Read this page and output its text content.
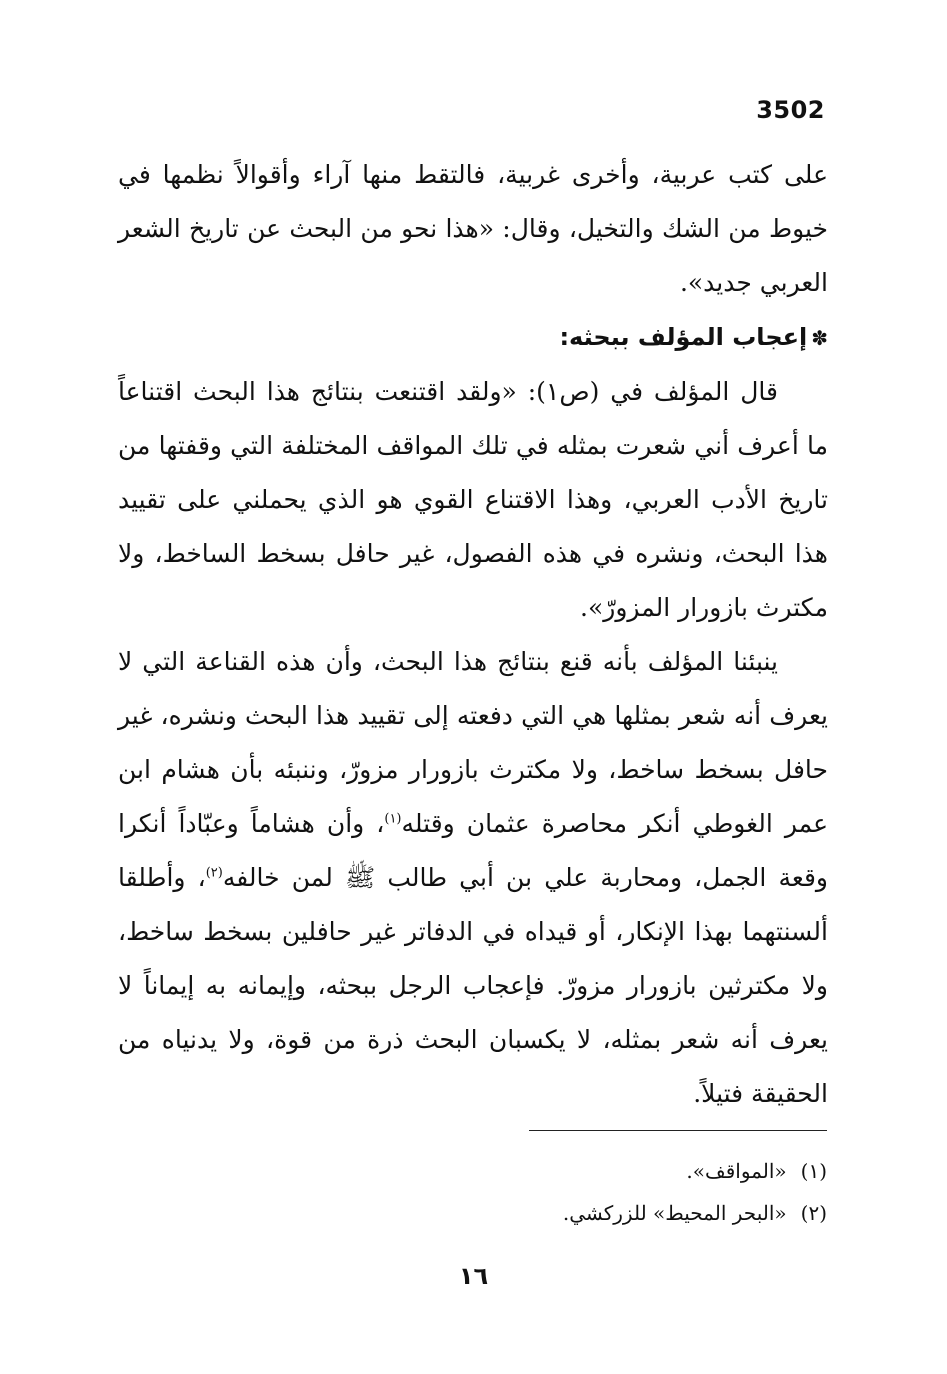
3502

على كتب عربية، وأخرى غربية، فالتقط منها آراء وأقوالاً نظمها في خيوط من الشك والتخيل، وقال: «هذا نحو من البحث عن تاريخ الشعر العربي جديد».

✽إعجاب المؤلف ببحثه:

قال المؤلف في (ص١): «ولقد اقتنعت بنتائج هذا البحث اقتناعاً ما أعرف أني شعرت بمثله في تلك المواقف المختلفة التي وقفتها من تاريخ الأدب العربي، وهذا الاقتناع القوي هو الذي يحملني على تقييد هذا البحث، ونشره في هذه الفصول، غير حافل بسخط الساخط، ولا مكترث بازورار المزورّ».

ينبئنا المؤلف بأنه قنع بنتائج هذا البحث، وأن هذه القناعة التي لا يعرف أنه شعر بمثلها هي التي دفعته إلى تقييد هذا البحث ونشره، غير حافل بسخط ساخط، ولا مكترث بازورار مزورّ، وننبئه بأن هشام ابن عمر الغوطي أنكر محاصرة عثمان وقتله$^{(١)}$، وأن هشاماً وعبّاداً أنكرا وقعة الجمل، ومحاربة علي بن أبي طالب ﷺ لمن خالفه$^{(٢)}$، وأطلقا ألسنتهما بهذا الإنكار، أو قيداه في الدفاتر غير حافلين بسخط ساخط، ولا مكترثين بازورار مزورّ. فإعجاب الرجل ببحثه، وإيمانه به إيماناً لا يعرف أنه شعر بمثله، لا يكسبان البحث ذرة من قوة، ولا يدنياه من الحقيقة فتيلاً.

(١)«المواقف».
(٢)«البحر المحيط» للزركشي.
١٦
